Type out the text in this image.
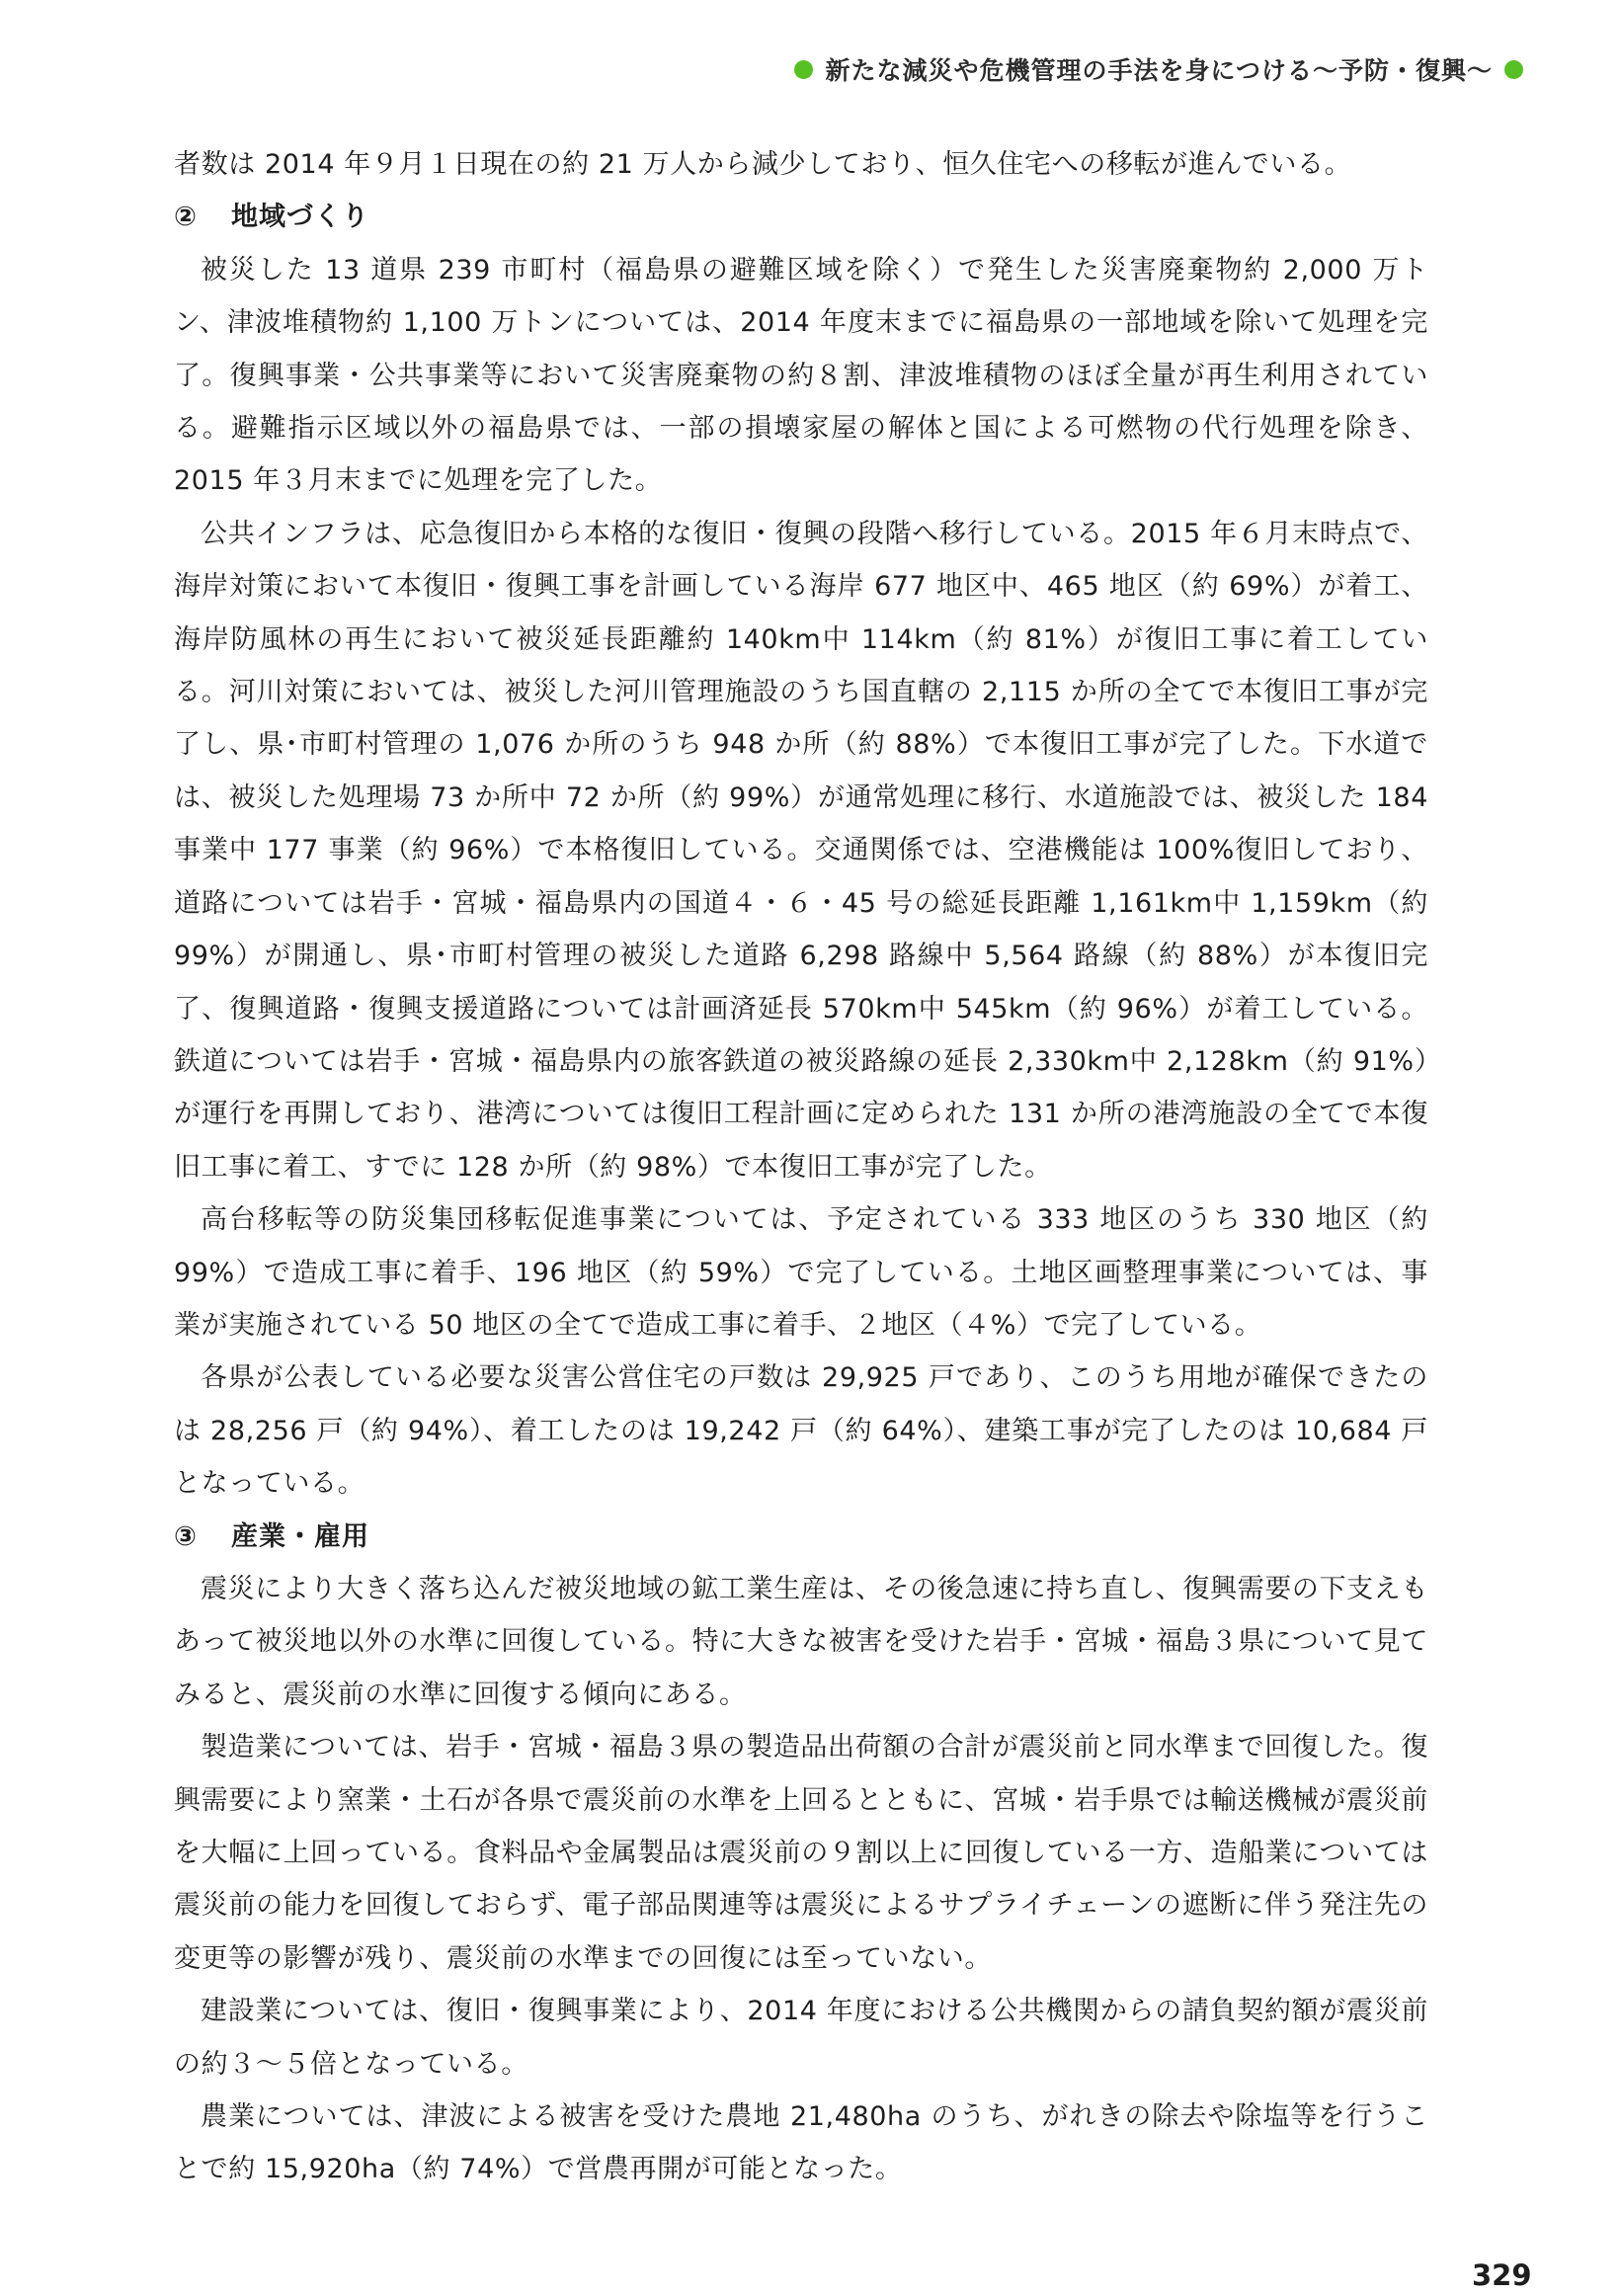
新たな減災や危機管理の手法を身につける〜予防・復興〜

者数は 2014 年９月１日現在の約 21 万人から減少しており、恒久住宅への移転が進んでいる。

② 地域づくり

被災した 13 道県 239 市町村（福島県の避難区域を除く）で発生した災害廃棄物約 2,000 万トン、津波堆積物約 1,100 万トンについては、2014 年度末までに福島県の一部地域を除いて処理を完了。復興事業・公共事業等において災害廃棄物の約８割、津波堆積物のほぼ全量が再生利用されている。避難指示区域以外の福島県では、一部の損壊家屋の解体と国による可燃物の代行処理を除き、2015 年３月末までに処理を完了した。

公共インフラは、応急復旧から本格的な復旧・復興の段階へ移行している。2015 年６月末時点で、海岸対策において本復旧・復興工事を計画している海岸 677 地区中、465 地区（約 69%）が着工、海岸防風林の再生において被災延長距離約 140km中 114km（約 81%）が復旧工事に着工している。河川対策においては、被災した河川管理施設のうち国直轄の 2,115 か所の全てで本復旧工事が完了し、県･市町村管理の 1,076 か所のうち 948 か所（約 88%）で本復旧工事が完了した。下水道では、被災した処理場 73 か所中 72 か所（約 99%）が通常処理に移行、水道施設では、被災した 184 事業中 177 事業（約 96%）で本格復旧している。交通関係では、空港機能は 100%復旧しており、道路については岩手・宮城・福島県内の国道４・６・45 号の総延長距離 1,161km中 1,159km（約 99%）が開通し、県･市町村管理の被災した道路 6,298 路線中 5,564 路線（約 88%）が本復旧完了、復興道路・復興支援道路については計画済延長 570km中 545km（約 96%）が着工している。鉄道については岩手・宮城・福島県内の旅客鉄道の被災路線の延長 2,330km中 2,128km（約 91%）が運行を再開しており、港湾については復旧工程計画に定められた 131 か所の港湾施設の全てで本復旧工事に着工、すでに 128 か所（約 98%）で本復旧工事が完了した。

高台移転等の防災集団移転促進事業については、予定されている 333 地区のうち 330 地区（約 99%）で造成工事に着手、196 地区（約 59%）で完了している。土地区画整理事業については、事業が実施されている 50 地区の全てで造成工事に着手、２地区（４%）で完了している。

各県が公表している必要な災害公営住宅の戸数は 29,925 戸であり、このうち用地が確保できたのは 28,256 戸（約 94%）、着工したのは 19,242 戸（約 64%）、建築工事が完了したのは 10,684 戸となっている。

③ 産業・雇用

震災により大きく落ち込んだ被災地域の鉱工業生産は、その後急速に持ち直し、復興需要の下支えもあって被災地以外の水準に回復している。特に大きな被害を受けた岩手・宮城・福島３県について見てみると、震災前の水準に回復する傾向にある。

製造業については、岩手・宮城・福島３県の製造品出荷額の合計が震災前と同水準まで回復した。復興需要により窯業・土石が各県で震災前の水準を上回るとともに、宮城・岩手県では輸送機械が震災前を大幅に上回っている。食料品や金属製品は震災前の９割以上に回復している一方、造船業については震災前の能力を回復しておらず、電子部品関連等は震災によるサプライチェーンの遮断に伴う発注先の変更等の影響が残り、震災前の水準までの回復には至っていない。

建設業については、復旧・復興事業により、2014 年度における公共機関からの請負契約額が震災前の約３〜５倍となっている。

農業については、津波による被害を受けた農地 21,480ha のうち、がれきの除去や除塩等を行うことで約 15,920ha（約 74%）で営農再開が可能となった。

329
